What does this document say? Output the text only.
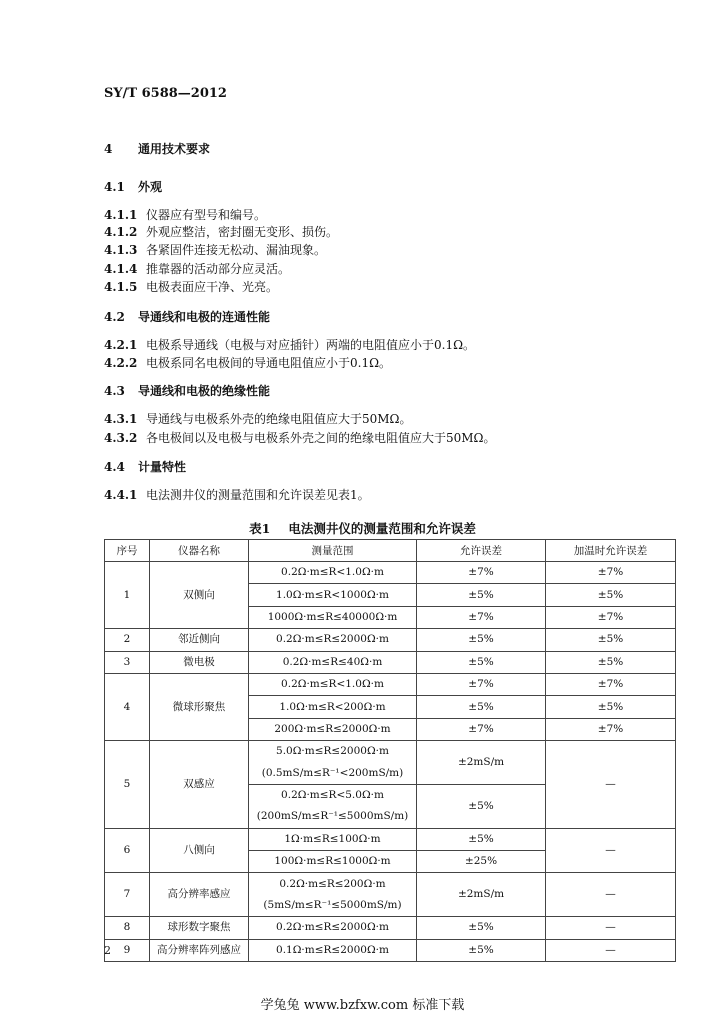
SY/T 6588—2012
4 通用技术要求
4.1 外观
4.1.1 仪器应有型号和编号。
4.1.2 外观应整洁，密封圈无变形、损伤。
4.1.3 各紧固件连接无松动、漏油现象。
4.1.4 推靠器的活动部分应灵活。
4.1.5 电极表面应干净、光亮。
4.2 导通线和电极的连通性能
4.2.1 电极系导通线（电极与对应插针）两端的电阻值应小于0.1Ω。
4.2.2 电极系同名电极间的导通电阻值应小于0.1Ω。
4.3 导通线和电极的绝缘性能
4.3.1 导通线与电极系外壳的绝缘电阻值应大于50MΩ。
4.3.2 各电极间以及电极与电极系外壳之间的绝缘电阻值应大于50MΩ。
4.4 计量特性
4.4.1 电法测井仪的测量范围和允许误差见表1。
表1 电法测井仪的测量范围和允许误差
序号	仪器名称	测量范围	允许误差	加温时允许误差
1	双侧向	0.2Ω·m≤R<1.0Ω·m	±7%	±7%
		1.0Ω·m≤R<1000Ω·m	±5%	±5%
		1000Ω·m≤R≤40000Ω·m	±7%	±7%
2	邻近侧向	0.2Ω·m≤R≤2000Ω·m	±5%	±5%
3	微电极	0.2Ω·m≤R≤40Ω·m	±5%	±5%
4	微球形聚焦	0.2Ω·m≤R<1.0Ω·m	±7%	±7%
		1.0Ω·m≤R<200Ω·m	±5%	±5%
		200Ω·m≤R≤2000Ω·m	±7%	±7%
5	双感应	5.0Ω·m≤R≤2000Ω·m	±2mS/m	—
		(0.5mS/m≤R⁻¹<200mS/m)		
		0.2Ω·m≤R<5.0Ω·m	±5%	
		(200mS/m≤R⁻¹≤5000mS/m)		
6	八侧向	1Ω·m≤R≤100Ω·m	±5%	—
		100Ω·m≤R≤1000Ω·m	±25%	
7	高分辨率感应	0.2Ω·m≤R≤200Ω·m	±2mS/m	—
		(5mS/m≤R⁻¹≤5000mS/m)		
8	球形数字聚焦	0.2Ω·m≤R≤2000Ω·m	±5%	—
9	高分辨率阵列感应	0.1Ω·m≤R≤2000Ω·m	±5%	—
2
学兔兔 www.bzfxw.com 标准下载
